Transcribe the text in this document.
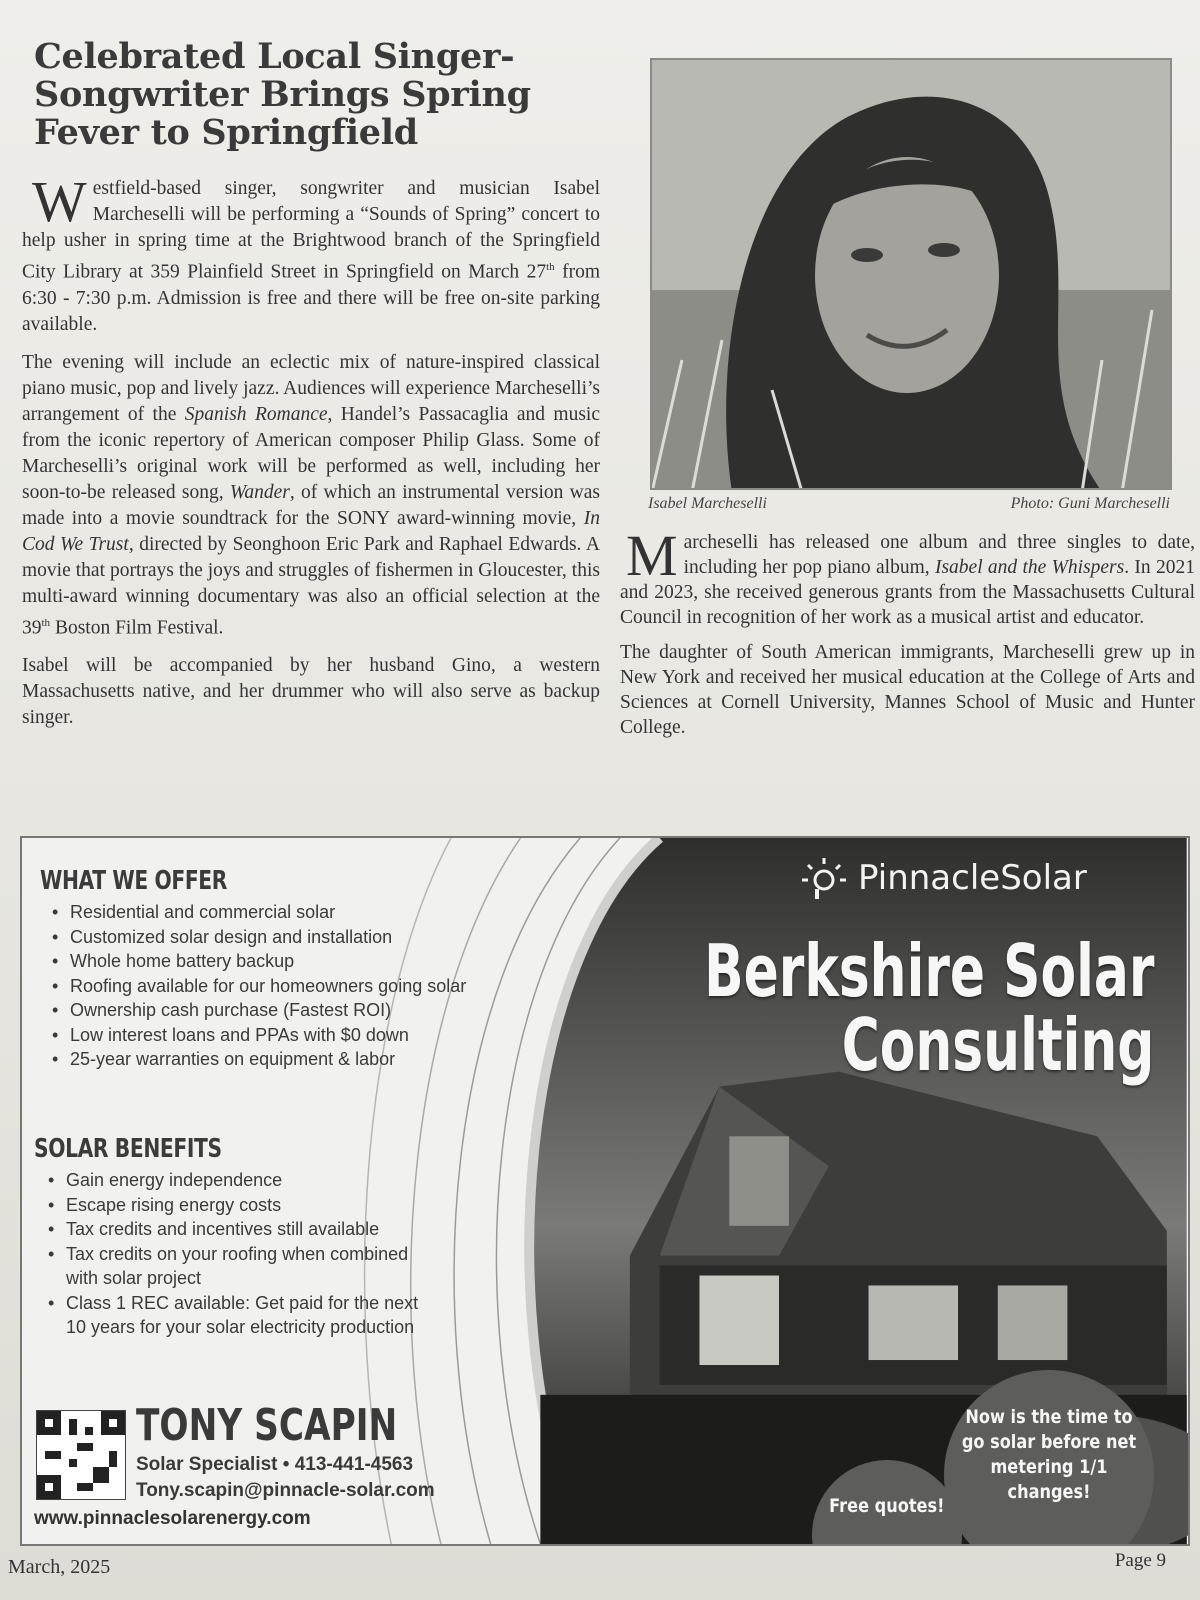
Celebrated Local Singer-Songwriter Brings Spring Fever to Springfield

Westfield-based singer, songwriter and musician Isabel Marcheselli will be performing a “Sounds of Spring” concert to help usher in spring time at the Brightwood branch of the Springfield City Library at 359 Plainfield Street in Springfield on March 27th from 6:30 - 7:30 p.m. Admission is free and there will be free on-site parking available.

The evening will include an eclectic mix of nature-inspired classical piano music, pop and lively jazz. Audiences will experience Marcheselli’s arrangement of the Spanish Romance, Handel’s Passacaglia and music from the iconic repertory of American composer Philip Glass. Some of Marcheselli’s original work will be performed as well, including her soon-to-be released song, Wander, of which an instrumental version was made into a movie soundtrack for the SONY award-winning movie, In Cod We Trust, directed by Seonghoon Eric Park and Raphael Edwards. A movie that portrays the joys and struggles of fishermen in Gloucester, this multi-award winning documentary was also an official selection at the 39th Boston Film Festival.

Isabel will be accompanied by her husband Gino, a western Massachusetts native, and her drummer who will also serve as backup singer.

Isabel Marcheselli	Photo: Guni Marcheselli

Marcheselli has released one album and three singles to date, including her pop piano album, Isabel and the Whispers. In 2021 and 2023, she received generous grants from the Massachusetts Cultural Council in recognition of her work as a musical artist and educator.

The daughter of South American immigrants, Marcheselli grew up in New York and received her musical education at the College of Arts and Sciences at Cornell University, Mannes School of Music and Hunter College.

WHAT WE OFFER
• Residential and commercial solar
• Customized solar design and installation
• Whole home battery backup
• Roofing available for our homeowners going solar
• Ownership cash purchase (Fastest ROI)
• Low interest loans and PPAs with $0 down
• 25-year warranties on equipment & labor
SOLAR BENEFITS
• Gain energy independence
• Escape rising energy costs
• Tax credits and incentives still available
• Tax credits on your roofing when combined with solar project
• Class 1 REC available: Get paid for the next 10 years for your solar electricity production
TONY SCAPIN
Solar Specialist • 413-441-4563
Tony.scapin@pinnacle-solar.com
www.pinnaclesolarenergy.com
PinnacleSolar
Berkshire Solar
Consulting
Free quotes!
Now is the time to go solar before net metering 1/1 changes!
March, 2025	Page 9
